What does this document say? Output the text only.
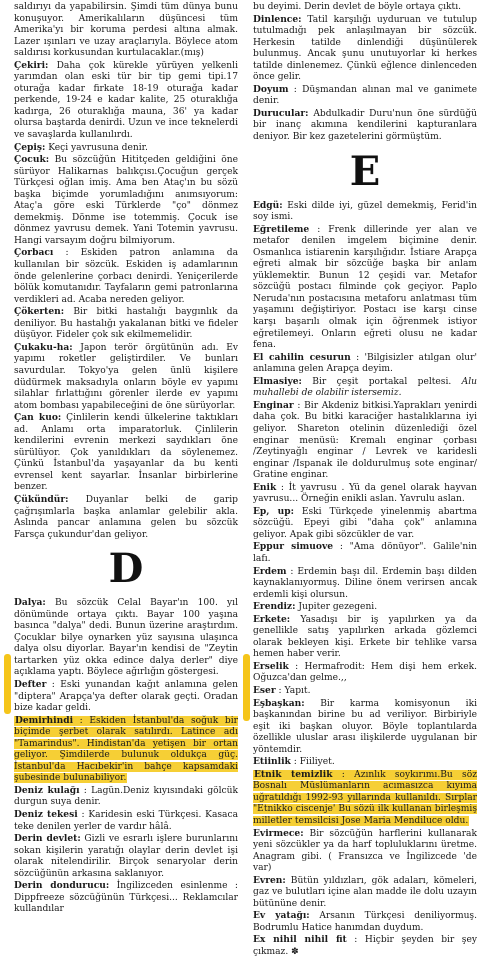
saldırıyı da yapabilirsin. Şimdi tüm dünya bunu konuşuyor. Amerikalıların düşüncesi tüm Amerika'yı bir koruma perdesi altına almak. Lazer ışınları ve uzay araçlarıyla. Böylece atom saldırısı korkusundan kurtulacaklar.(mış)

Çekiri: Daha çok kürekle yürüyen yelkenli yarımdan olan eski tür bir tip gemi tipi.17 oturağa kadar firkate 18-19 oturağa kadar perkende, 19-24 e kadar kalite, 25 oturaklığa kadırga, 26 oturaklığa mauna, 36' ya kadar olursa baştarda denirdi. Uzun ve ince teknelerdi ve savaşlarda kullanılırdı.

Çepiş: Keçi yavrusuna denir.

Çocuk: Bu sözcüğün Hititçeden geldiğini öne sürüyor Halikarnas balıkçısı.Çocuğun gerçek Türkçesi oğlan imiş. Ama ben Ataç'ın bu sözü başka biçimde yorumladığını anımsıyorum: Ataç'a göre eski Türklerde "ço" dönmez demekmiş. Dönme ise totemmiş. Çocuk ise dönmez yavrusu demek. Yani Totemin yavrusu. Hangi varsayım doğru bilmiyorum.

Çorbacı : Eskiden patron anlamına da kullanılan bir sözcük. Eskiden iş adamlarının önde gelenlerine çorbacı denirdi. Yeniçerilerde bölük komutanıdır. Tayfaların gemi patronlarına verdikleri ad. Acaba nereden geliyor.

Çökerten: Bir bitki hastalığı baygınlık da deniliyor. Bu hastalığı yakalanan bitki ve fideler düşüyor. Fideler çok sık ekilmemelidir.

Çukaku-ha: Japon terör örgütünün adı. Ev yapımı roketler geliştirdiler. Ve bunları savurdular. Tokyo'ya gelen ünlü kişilere düdürmek maksadıyla onların böyle ev yapımı silahlar fırlattığını görenler ilerde ev yapımı atom bombası yapabileceğini de öne sürüyorlar.

Çan kuo: Çinlilerin kendi ülkelerine taktıkları ad. Anlamı orta imparatorluk. Çinlilerin kendilerini evrenin merkezi saydıkları öne sürülüyor. Çok yanıldıkları da söylenemez. Çünkü İstanbul'da yaşayanlar da bu kenti evrensel kent sayarlar. İnsanlar birbirlerine benzer.

Çükündür: Duyanlar belki de garip çağrışımlarla başka anlamlar gelebilir akla. Aslında pancar anlamına gelen bu sözcük Farsça çukundur'dan geliyor.

D

Dalya: Bu sözcük Celal Bayar'ın 100. yıl dönümünde ortaya çıktı. Bayar 100 yaşına basınca "dalya" dedi. Bunun üzerine araştırdım. Çocuklar bilye oynarken yüz sayısına ulaşınca dalya olsu diyorlar. Bayar'ın kendisi de "Zeytin tartarken yüz okka edince dalya derler" diye açıklama yaptı. Böylece ağırlığın göstergesi.

Defter : Eski yunandan kağıt anlamına gelen "diptera" Arapça'ya defter olarak geçti. Oradan bize kadar geldi.

Demirhindi : Eskiden İstanbul'da soğuk bir biçimde şerbet olarak satılırdı. Latince adı "Tamarindus". Hindistan'da yetişen bir ortan geliyor. Şimdilerde bulunuk oldukça güç. İstanbul'da Hacıbekir'in bahçe kapsamdaki şubesinde bulunabiliyor.

Deniz kulağı : Lagün.Deniz kıyısındaki gölcük durgun suya denir.

Deniz tekesi : Karidesin eski Türkçesi. Kasaca teke denilen yerler de vardır hâlâ.

Derin devlet: Gizli ve esrarlı işlere burunlarını sokan kişilerin yaratığı olaylar derin devlet işi olarak nitelendirilir. Birçok senaryolar derin sözcüğünün arkasına saklanıyor.

Derin dondurucu: İngilizceden esinlenme : Dippfreeze sözcüğünün Türkçesi... Reklamcılar kullandılar

bu deyimi. Derin devlet de böyle ortaya çıktı.

Dinlence: Tatil karşılığı uyduruan ve tutulup tutulmadığı pek anlaşılmayan bir sözcük. Herkesin tatilde dinlendiği düşünülerek bulunmuş. Ancak şunu unutuyorlar ki herkes tatilde dinlenemez. Çünkü eğlence dinlenceden önce gelir.

Doyum : Düşmandan alınan mal ve ganimete denir.

Durucular: Abdulkadir Duru'nun öne sürdüğü bir inanç akımına kendilerini kapturanlara deniyor. Bir kez gazetelerini görmüştüm.

E

Edgü: Eski dilde iyi, güzel demekmiş, Ferid'in soy ismi.

Eğretileme : Frenk dillerinde yer alan ve metafor denilen imgelem biçimine denir. Osmanlıca istiarenin karşılığıdır. İstiare Arapça eğreti almak bir sözcüğe başka bir anlam yüklemektir. Bunun 12 çeşidi var. Metafor sözcüğü postacı filminde çok geçiyor. Paplo Neruda'nın postacısına metaforu anlatması tüm yaşamını değiştiriyor. Postacı ise karşı cinse karşı başarılı olmak için öğrenmek istiyor eğretilemeyi. Onların eğreti olusu ne kadar fena.

El cahilin cesurun : 'Bilgisizler atılgan olur' anlamına gelen Arapça deyim.

Elmasiye: Bir çeşit portakal peltesi. Alu muhallebi de olabilir istersemiz.

Enginar : Bir Akdeniz bitkisi.Yaprakları yenirdi daha çok. Bu bitki karaciğer hastalıklarına iyi geliyor. Shareton otelinin düzenlediği özel enginar menüsü: Kremalı enginar çorbası /Zeytinyağlı enginar / Levrek ve karidesli enginar /Ispanak ile doldurulmuş sote enginar/ Gratine enginar.

Enik : İt yavrusu . Yü da genel olarak hayvan yavrusu... Örneğin enikli aslan. Yavrulu aslan.

Ep, up: Eski Türkçede yinelenmiş abartma sözcüğü. Epeyi gibi "daha çok" anlamına geliyor. Apak gibi sözcükler de var.

Eppur simuove : "Ama dönüyor". Galile'nin lafı.

Erdem : Erdemin başı dil. Erdemin başı dilden kaynaklanıyormuş. Diline önem verirsen ancak erdemli kişi olursun.

Erendiz: Jupiter gezegeni.

Erkete: Yasadışı bir iş yapılırken ya da genellikle satış yapılırken arkada gözlemci olarak bekleyen kişi. Erkete bir tehlike varsa hemen haber verir.

Erselik : Hermafrodit: Hem dişi hem erkek. Oğuzca'dan gelme.,,

Eser : Yapıt.

Eşbaşkan: Bir karma komisyonun iki başkanından birine bu ad veriliyor. Birbiriyle eşit iki başkan oluyor. Böyle toplantılarda özellikle uluslar arası ilişkilerde uygulanan bir yöntemdir.

Etiinlik : Fiiliyet.

Etnik temizlik : Azınlık soykırımı.Bu söz Bosnalı Müslümanların acımasızca kıyıma uğratıldığı 1992-93 yıllarında kullanıldı. Sırplar "Etnikko ciscenje' Bu sözü ilk kullanan birleşmiş milletler temsilcisi Jose Maria Mendiluce oldu.

Evirmece: Bir sözcüğün harflerini kullanarak yeni sözcükler ya da harf topluluklarını üretme. Anagram gibi. ( Fransızca ve İngilizcede 'de var)

Evren: Bütün yıldızları, gök adaları, kömeleri, gaz ve bulutları içine alan madde ile dolu uzayın bütününe denir.

Ev yatağı: Arsanın Türkçesi deniliyormuş. Bodrumlu Hatice hanımdan duydum.

Ex nihil nihil fit : Hiçbir şeyden bir şey çıkmaz. ✽
